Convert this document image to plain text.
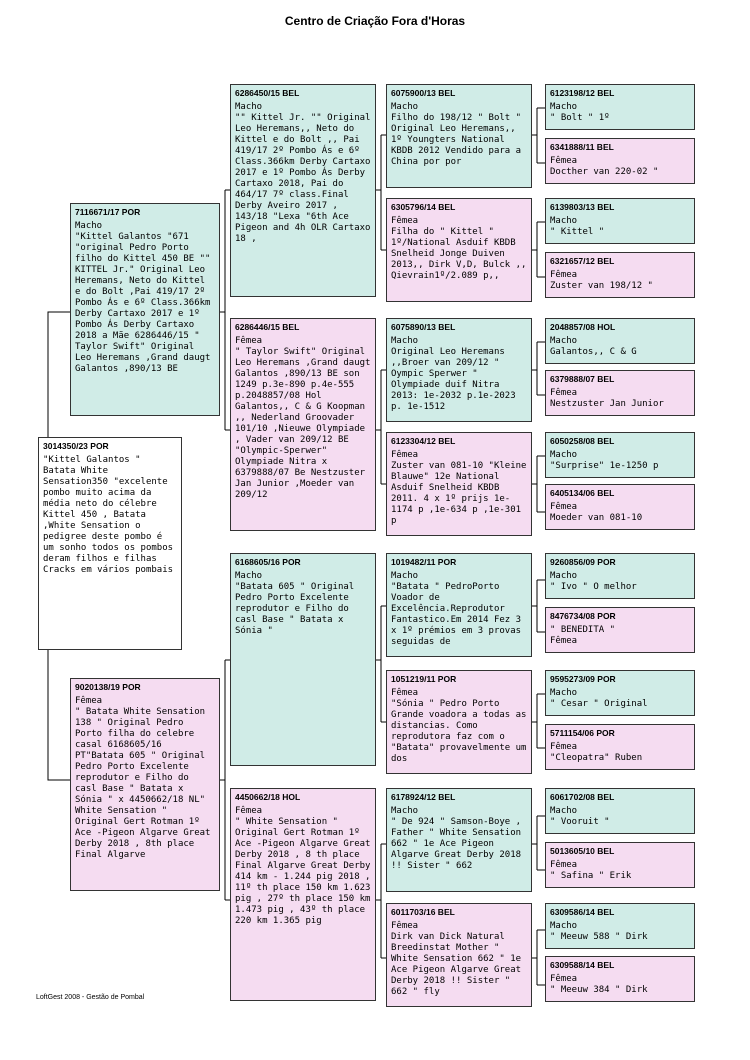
Centro de Criação Fora d'Horas
3014350/23 POR
"Kittel Galantos " Batata White Sensation350 "excelente pombo muito acima da média neto do célebre Kittel 450 , Batata ,White Sensation o pedigree deste pombo é um sonho todos os pombos deram filhos e filhas Cracks em vários pombais
7116671/17 POR
Macho
"Kittel Galantos "671 "original Pedro Porto filho do Kittel 450 BE "" KITTEL Jr." Original Leo Heremans, Neto do Kittel e do Bolt ,Pai 419/17 2º Pombo Ás e 6º Class.366km Derby Cartaxo 2017 e 1º Pombo Ás Derby Cartaxo 2018 a Mãe 6286446/15 " Taylor Swift" Original Leo Heremans ,Grand daugt Galantos ,890/13 BE
9020138/19 POR
Fêmea
" Batata White Sensation 138 " Original Pedro Porto filha do celebre casal 6168605/16 PT"Batata 605 " Original Pedro Porto Excelente reprodutor e Filho do casl Base " Batata x Sónia " x 4450662/18 NL" White Sensation " Original Gert Rotman 1º Ace -Pigeon Algarve Great Derby 2018 , 8th place Final Algarve
6286450/15 BEL
Macho
"" Kittel Jr. "" Original Leo Heremans,, Neto do Kittel e do Bolt ,, Pai 419/17 2º Pombo Ás e 6º Class.366km Derby Cartaxo 2017 e 1º Pombo Ás Derby Cartaxo 2018, Pai do 464/17 7º class.Final Derby Aveiro 2017 , 143/18 "Lexa "6th Ace Pigeon and 4h OLR Cartaxo 18 ,
6286446/15 BEL
Fêmea
" Taylor Swift" Original Leo Heremans ,Grand daugt Galantos ,890/13 BE son 1249 p.3e-890 p.4e-555 p.2048857/08 Hol Galantos,, C & G Koopman ,, Nederland Groovader 101/10 ,Nieuwe Olympiade , Vader van 209/12 BE "Olympic-Sperwer" Olympiade Nitra x 6379888/07 Be Nestzuster Jan Junior ,Moeder van 209/12
6168605/16 POR
Macho
"Batata 605 " Original Pedro Porto Excelente reprodutor e Filho do casl Base " Batata x Sónia "
4450662/18 HOL
Fêmea
" White Sensation " Original Gert Rotman 1º Ace -Pigeon Algarve Great Derby 2018 , 8 th place Final Algarve Great Derby 414 km - 1.244 pig 2018 , 11º th place 150 km 1.623 pig , 27º th place 150 km 1.473 pig , 43º th place 220 km 1.365 pig
6075900/13 BEL
Macho
Filho do 198/12 " Bolt " Original Leo Heremans,, 1º Youngters National KBDB 2012 Vendido para a China por por
6305796/14 BEL
Fêmea
Filha do " Kittel " 1º/National Asduif KBDB Snelheid Jonge Duiven 2013,, Dirk V,D, Bulck ,, Qievrain1º/2.089 p,,
6075890/13 BEL
Macho
Original Leo Heremans ,,Broer van 209/12 " Oympic Sperwer " Olympiade duif Nitra 2013: 1e-2032 p.1e-2023 p. 1e-1512
6123304/12 BEL
Fêmea
Zuster van 081-10 "Kleine Blauwe" 12e National Asduif Snelheid KBDB 2011. 4 x 1º prijs 1e-1174 p ,1e-634 p ,1e-301 p
1019482/11 POR
Macho
"Batata " PedroPorto Voador de Excelência.Reprodutor Fantastico.Em 2014 Fez 3 x 1º prémios em 3 provas seguidas de
1051219/11 POR
Fêmea
"Sónia " Pedro Porto Grande voadora a todas as distancias. Como reprodutora faz com o "Batata" provavelmente um dos
6178924/12 BEL
Macho
" De 924 " Samson-Boye , Father " White Sensation 662 " 1e Ace Pigeon Algarve Great Derby 2018 !! Sister " 662
6011703/16 BEL
Fêmea
Dirk van Dick Natural Breedinstat Mother " White Sensation 662 " 1e Ace Pigeon Algarve Great Derby 2018 !! Sister " 662 " fly
6123198/12 BEL
Macho
" Bolt " 1º
6341888/11 BEL
Fêmea
Docther van 220-02 "
6139803/13 BEL
Macho
" Kittel "
6321657/12 BEL
Fêmea
Zuster van 198/12 "
2048857/08 HOL
Macho
Galantos,, C & G
6379888/07 BEL
Fêmea
Nestzuster Jan Junior
6050258/08 BEL
Macho
"Surprise" 1e-1250 p
6405134/06 BEL
Fêmea
Moeder van 081-10
9260856/09 POR
Macho
" Ivo " O melhor
8476734/08 POR
" BENEDITA "
Fêmea
9595273/09 POR
Macho
" Cesar " Original
5711154/06 POR
Fêmea
"Cleopatra" Ruben
6061702/08 BEL
Macho
" Vooruit "
5013605/10 BEL
Fêmea
" Safina " Erik
6309586/14 BEL
Macho
" Meeuw 588 " Dirk
6309588/14 BEL
Fêmea
" Meeuw 384 " Dirk
LoftGest 2008 - Gestão de Pombal
